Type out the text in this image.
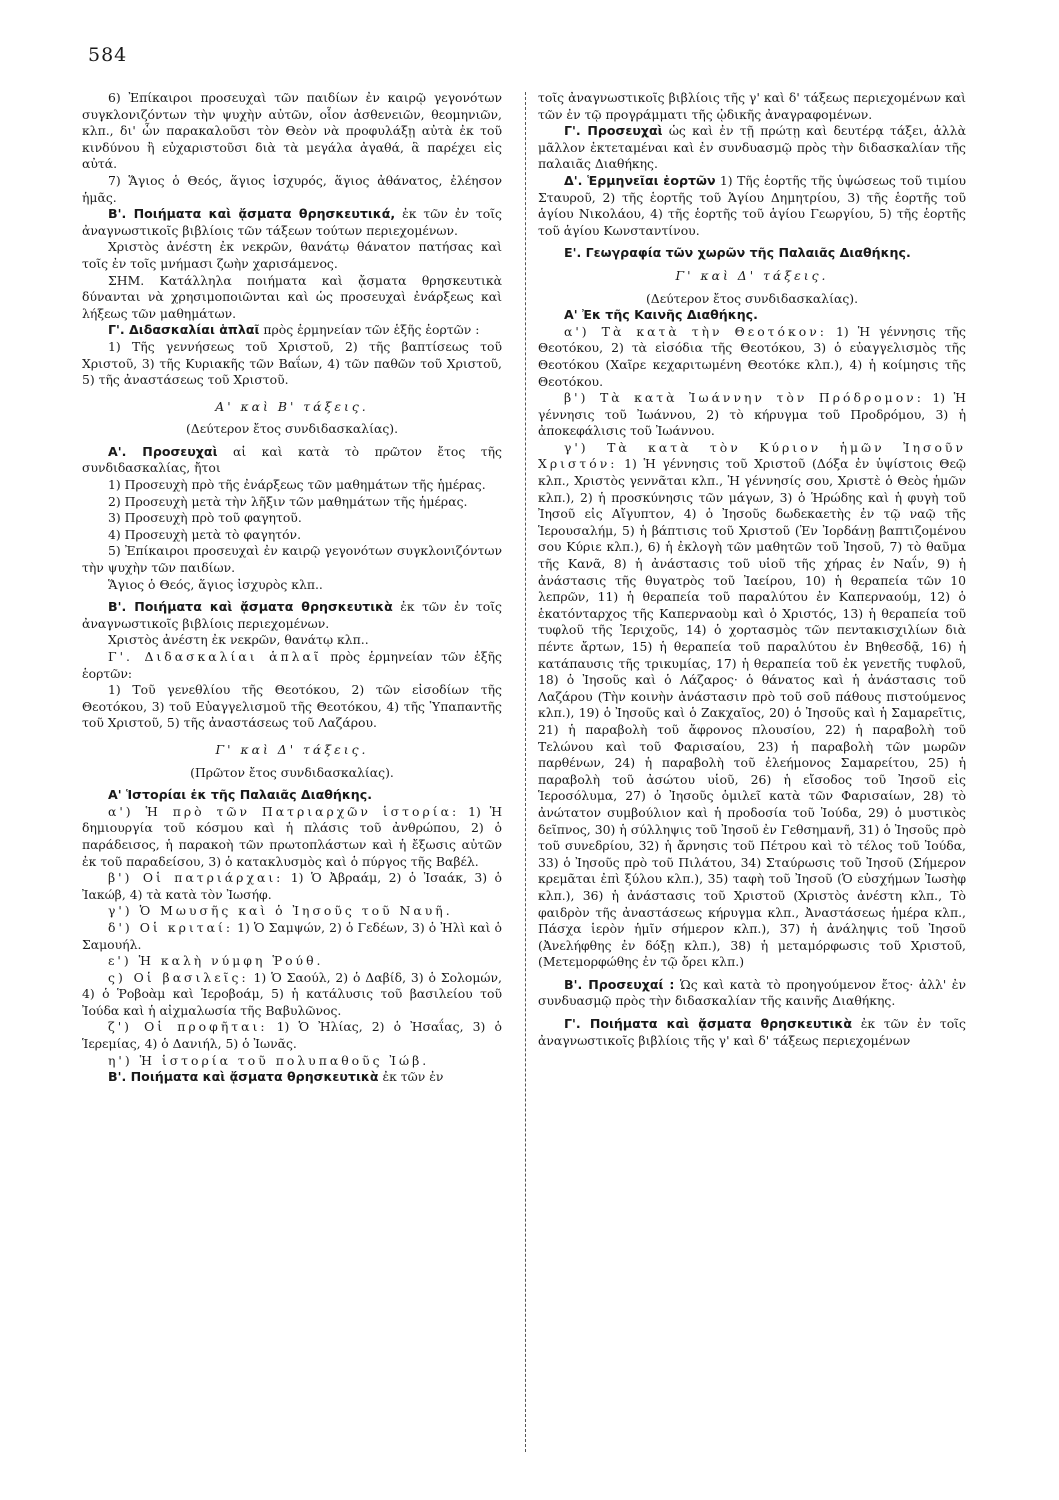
584

6) Ἐπίκαιροι προσευχαὶ τῶν παιδίων ἐν καιρῷ γεγονότων συγκλονιζόντων τὴν ψυχὴν αὐτῶν, οἷον ἀσθενειῶν, θεομηνιῶν, κλπ., δι' ὧν παρακαλοῦσι τὸν Θεὸν νὰ προφυλάξῃ αὐτὰ ἐκ τοῦ κινδύνου ἢ εὐχαριστοῦσι διὰ τὰ μεγάλα ἀγαθά, ἃ παρέχει εἰς αὐτά.

7) Ἅγιος ὁ Θεός, ἅγιος ἰσχυρός, ἅγιος ἀθάνατος, ἐλέησον ἡμᾶς.

Β'. Ποιήματα καὶ ᾄσματα θρησκευτικά, ἐκ τῶν ἐν τοῖς ἀναγνωστικοῖς βιβλίοις τῶν τάξεων τούτων περιεχομένων.

Χριστὸς ἀνέστη ἐκ νεκρῶν, θανάτῳ θάνατον πατήσας καὶ τοῖς ἐν τοῖς μνήμασι ζωὴν χαρισάμενος.

ΣΗΜ. Κατάλληλα ποιήματα καὶ ᾄσματα θρησκευτικὰ δύνανται νὰ χρησιμοποιῶνται καὶ ὡς προσευχαὶ ἐνάρξεως καὶ λήξεως τῶν μαθημάτων.

Γ'. Διδασκαλίαι ἁπλαῖ πρὸς ἑρμηνείαν τῶν ἑξῆς ἑορτῶν :

1) Τῆς γεννήσεως τοῦ Χριστοῦ, 2) τῆς βαπτίσεως τοῦ Χριστοῦ, 3) τῆς Κυριακῆς τῶν Βαΐων, 4) τῶν παθῶν τοῦ Χριστοῦ, 5) τῆς ἀναστάσεως τοῦ Χριστοῦ.

Α' καὶ Β' τάξεις.

(Δεύτερον ἔτος συνδιδασκαλίας).

Α'. Προσευχαὶ αἱ καὶ κατὰ τὸ πρῶτον ἔτος τῆς συνδιδασκαλίας, ἤτοι

1) Προσευχὴ πρὸ τῆς ἐνάρξεως τῶν μαθημάτων τῆς ἡμέρας.

2) Προσευχὴ μετὰ τὴν λῆξιν τῶν μαθημάτων τῆς ἡμέρας.

3) Προσευχὴ πρὸ τοῦ φαγητοῦ.

4) Προσευχὴ μετὰ τὸ φαγητόν.

5) Ἐπίκαιροι προσευχαὶ ἐν καιρῷ γεγονότων συγκλονιζόντων τὴν ψυχὴν τῶν παιδίων.

Ἅγιος ὁ Θεός, ἅγιος ἰσχυρὸς κλπ..

Β'. Ποιήματα καὶ ᾄσματα θρησκευτικὰ ἐκ τῶν ἐν τοῖς ἀναγνωστικοῖς βιβλίοις περιεχομένων.

Χριστὸς ἀνέστη ἐκ νεκρῶν, θανάτῳ κλπ..

Γ'. Διδασκαλίαι ἁπλαῖ πρὸς ἑρμηνείαν τῶν ἑξῆς ἑορτῶν:

1) Τοῦ γενεθλίου τῆς Θεοτόκου, 2) τῶν εἰσοδίων τῆς Θεοτόκου, 3) τοῦ Εὐαγγελισμοῦ τῆς Θεοτόκου, 4) τῆς Ὑπαπαντῆς τοῦ Χριστοῦ, 5) τῆς ἀναστάσεως τοῦ Λαζάρου.

Γ' καὶ Δ' τάξεις.

(Πρῶτον ἔτος συνδιδασκαλίας).

Α' Ἱστορίαι ἐκ τῆς Παλαιᾶς Διαθήκης.

α') Ἡ πρὸ τῶν Πατριαρχῶν ἱστορία: 1) Ἡ δημιουργία τοῦ κόσμου καὶ ἡ πλάσις τοῦ ἀνθρώπου, 2) ὁ παράδεισος, ἡ παρακοὴ τῶν πρωτοπλάστων καὶ ἡ ἔξωσις αὐτῶν ἐκ τοῦ παραδείσου, 3) ὁ κατακλυσμὸς καὶ ὁ πύργος τῆς Βαβέλ.

β') Οἱ πατριάρχαι: 1) Ὁ Ἀβραάμ, 2) ὁ Ἰσαάκ, 3) ὁ Ἰακώβ, 4) τὰ κατὰ τὸν Ἰωσήφ.

γ') Ὁ Μωυσῆς καὶ ὁ Ἰησοῦς τοῦ Ναυῆ.

δ') Οἱ κριταί: 1) Ὁ Σαμψών, 2) ὁ Γεδέων, 3) ὁ Ἠλὶ καὶ ὁ Σαμουήλ.

ε') Ἡ καλὴ νύμφη Ῥούθ.

ς) Οἱ βασιλεῖς: 1) Ὁ Σαούλ, 2) ὁ Δαβίδ, 3) ὁ Σολομών, 4) ὁ Ῥοβοὰμ καὶ Ἱεροβοάμ, 5) ἡ κατάλυσις τοῦ βασιλείου τοῦ Ἰούδα καὶ ἡ αἰχμαλωσία τῆς Βαβυλῶνος.

ζ') Οἱ προφῆται: 1) Ὁ Ἠλίας, 2) ὁ Ἠσαΐας, 3) ὁ Ἱερεμίας, 4) ὁ Δανιήλ, 5) ὁ Ἰωνᾶς.

η') Ἡ ἱστορία τοῦ πολυπαθοῦς Ἰώβ.

Β'. Ποιήματα καὶ ᾄσματα θρησκευτικὰ ἐκ τῶν ἐν

τοῖς ἀναγνωστικοῖς βιβλίοις τῆς γ' καὶ δ' τάξεως περιεχομένων καὶ τῶν ἐν τῷ προγράμματι τῆς ᾠδικῆς ἀναγραφομένων.

Γ'. Προσευχαὶ ὡς καὶ ἐν τῇ πρώτῃ καὶ δευτέρᾳ τάξει, ἀλλὰ μᾶλλον ἐκτεταμέναι καὶ ἐν συνδυασμῷ πρὸς τὴν διδασκαλίαν τῆς παλαιᾶς Διαθήκης.

Δ'. Ἑρμηνεῖαι ἑορτῶν 1) Τῆς ἑορτῆς τῆς ὑψώσεως τοῦ τιμίου Σταυροῦ, 2) τῆς ἑορτῆς τοῦ Ἁγίου Δημητρίου, 3) τῆς ἑορτῆς τοῦ ἁγίου Νικολάου, 4) τῆς ἑορτῆς τοῦ ἁγίου Γεωργίου, 5) τῆς ἑορτῆς τοῦ ἁγίου Κωνσταντίνου.

Ε'. Γεωγραφία τῶν χωρῶν τῆς Παλαιᾶς Διαθήκης.

Γ' καὶ Δ' τάξεις.

(Δεύτερον ἔτος συνδιδασκαλίας).

Α' Ἐκ τῆς Καινῆς Διαθήκης.

α') Τὰ κατὰ τὴν Θεοτόκον: 1) Ἡ γέννησις τῆς Θεοτόκου, 2) τὰ εἰσόδια τῆς Θεοτόκου, 3) ὁ εὐαγγελισμὸς τῆς Θεοτόκου (Χαῖρε κεχαριτωμένη Θεοτόκε κλπ.), 4) ἡ κοίμησις τῆς Θεοτόκου.

β') Τὰ κατὰ Ἰωάννην τὸν Πρόδρομον: 1) Ἡ γέννησις τοῦ Ἰωάννου, 2) τὸ κήρυγμα τοῦ Προδρόμου, 3) ἡ ἀποκεφάλισις τοῦ Ἰωάννου.

γ') Τὰ κατὰ τὸν Κύριον ἡμῶν Ἰησοῦν Χριστόν: 1) Ἡ γέννησις τοῦ Χριστοῦ (Δόξα ἐν ὑψίστοις Θεῷ κλπ., Χριστὸς γεννᾶται κλπ., Ἡ γέννησίς σου, Χριστὲ ὁ Θεὸς ἡμῶν κλπ.), 2) ἡ προσκύνησις τῶν μάγων, 3) ὁ Ἡρώδης καὶ ἡ φυγὴ τοῦ Ἰησοῦ εἰς Αἴγυπτον, 4) ὁ Ἰησοῦς δωδεκαετὴς ἐν τῷ ναῷ τῆς Ἱερουσαλήμ, 5) ἡ βάπτισις τοῦ Χριστοῦ (Ἐν Ἰορδάνῃ βαπτιζομένου σου Κύριε κλπ.), 6) ἡ ἐκλογὴ τῶν μαθητῶν τοῦ Ἰησοῦ, 7) τὸ θαῦμα τῆς Κανᾶ, 8) ἡ ἀνάστασις τοῦ υἱοῦ τῆς χήρας ἐν Ναΐν, 9) ἡ ἀνάστασις τῆς θυγατρὸς τοῦ Ἰαείρου, 10) ἡ θεραπεία τῶν 10 λεπρῶν, 11) ἡ θεραπεία τοῦ παραλύτου ἐν Καπερναούμ, 12) ὁ ἑκατόνταρχος τῆς Καπερναοὺμ καὶ ὁ Χριστός, 13) ἡ θεραπεία τοῦ τυφλοῦ τῆς Ἱεριχοῦς, 14) ὁ χορτασμὸς τῶν πεντακισχιλίων διὰ πέντε ἄρτων, 15) ἡ θεραπεία τοῦ παραλύτου ἐν Βηθεσδᾷ, 16) ἡ κατάπαυσις τῆς τρικυμίας, 17) ἡ θεραπεία τοῦ ἐκ γενετῆς τυφλοῦ, 18) ὁ Ἰησοῦς καὶ ὁ Λάζαρος· ὁ θάνατος καὶ ἡ ἀνάστασις τοῦ Λαζάρου (Τὴν κοινὴν ἀνάστασιν πρὸ τοῦ σοῦ πάθους πιστούμενος κλπ.), 19) ὁ Ἰησοῦς καὶ ὁ Ζακχαῖος, 20) ὁ Ἰησοῦς καὶ ἡ Σαμαρεῖτις, 21) ἡ παραβολὴ τοῦ ἄφρονος πλουσίου, 22) ἡ παραβολὴ τοῦ Τελώνου καὶ τοῦ Φαρισαίου, 23) ἡ παραβολὴ τῶν μωρῶν παρθένων, 24) ἡ παραβολὴ τοῦ ἐλεήμονος Σαμαρείτου, 25) ἡ παραβολὴ τοῦ ἀσώτου υἱοῦ, 26) ἡ εἴσοδος τοῦ Ἰησοῦ εἰς Ἱεροσόλυμα, 27) ὁ Ἰησοῦς ὁμιλεῖ κατὰ τῶν Φαρισαίων, 28) τὸ ἀνώτατον συμβούλιον καὶ ἡ προδοσία τοῦ Ἰούδα, 29) ὁ μυστικὸς δεῖπνος, 30) ἡ σύλληψις τοῦ Ἰησοῦ ἐν Γεθσημανῆ, 31) ὁ Ἰησοῦς πρὸ τοῦ συνεδρίου, 32) ἡ ἄρνησις τοῦ Πέτρου καὶ τὸ τέλος τοῦ Ἰούδα, 33) ὁ Ἰησοῦς πρὸ τοῦ Πιλάτου, 34) Σταύρωσις τοῦ Ἰησοῦ (Σήμερον κρεμᾶται ἐπὶ ξύλου κλπ.), 35) ταφὴ τοῦ Ἰησοῦ (Ὁ εὐσχήμων Ἰωσὴφ κλπ.), 36) ἡ ἀνάστασις τοῦ Χριστοῦ (Χριστὸς ἀνέστη κλπ., Τὸ φαιδρὸν τῆς ἀναστάσεως κήρυγμα κλπ., Ἀναστάσεως ἡμέρα κλπ., Πάσχα ἱερὸν ἡμῖν σήμερον κλπ.), 37) ἡ ἀνάληψις τοῦ Ἰησοῦ (Ἀνελήφθης ἐν δόξῃ κλπ.), 38) ἡ μεταμόρφωσις τοῦ Χριστοῦ, (Μετεμορφώθης ἐν τῷ ὄρει κλπ.)

Β'. Προσευχαί : Ὡς καὶ κατὰ τὸ προηγούμενον ἔτος· ἀλλ' ἐν συνδυασμῷ πρὸς τὴν διδασκαλίαν τῆς καινῆς Διαθήκης.

Γ'. Ποιήματα καὶ ᾄσματα θρησκευτικὰ ἐκ τῶν ἐν τοῖς ἀναγνωστικοῖς βιβλίοις τῆς γ' καὶ δ' τάξεως περιεχομένων
